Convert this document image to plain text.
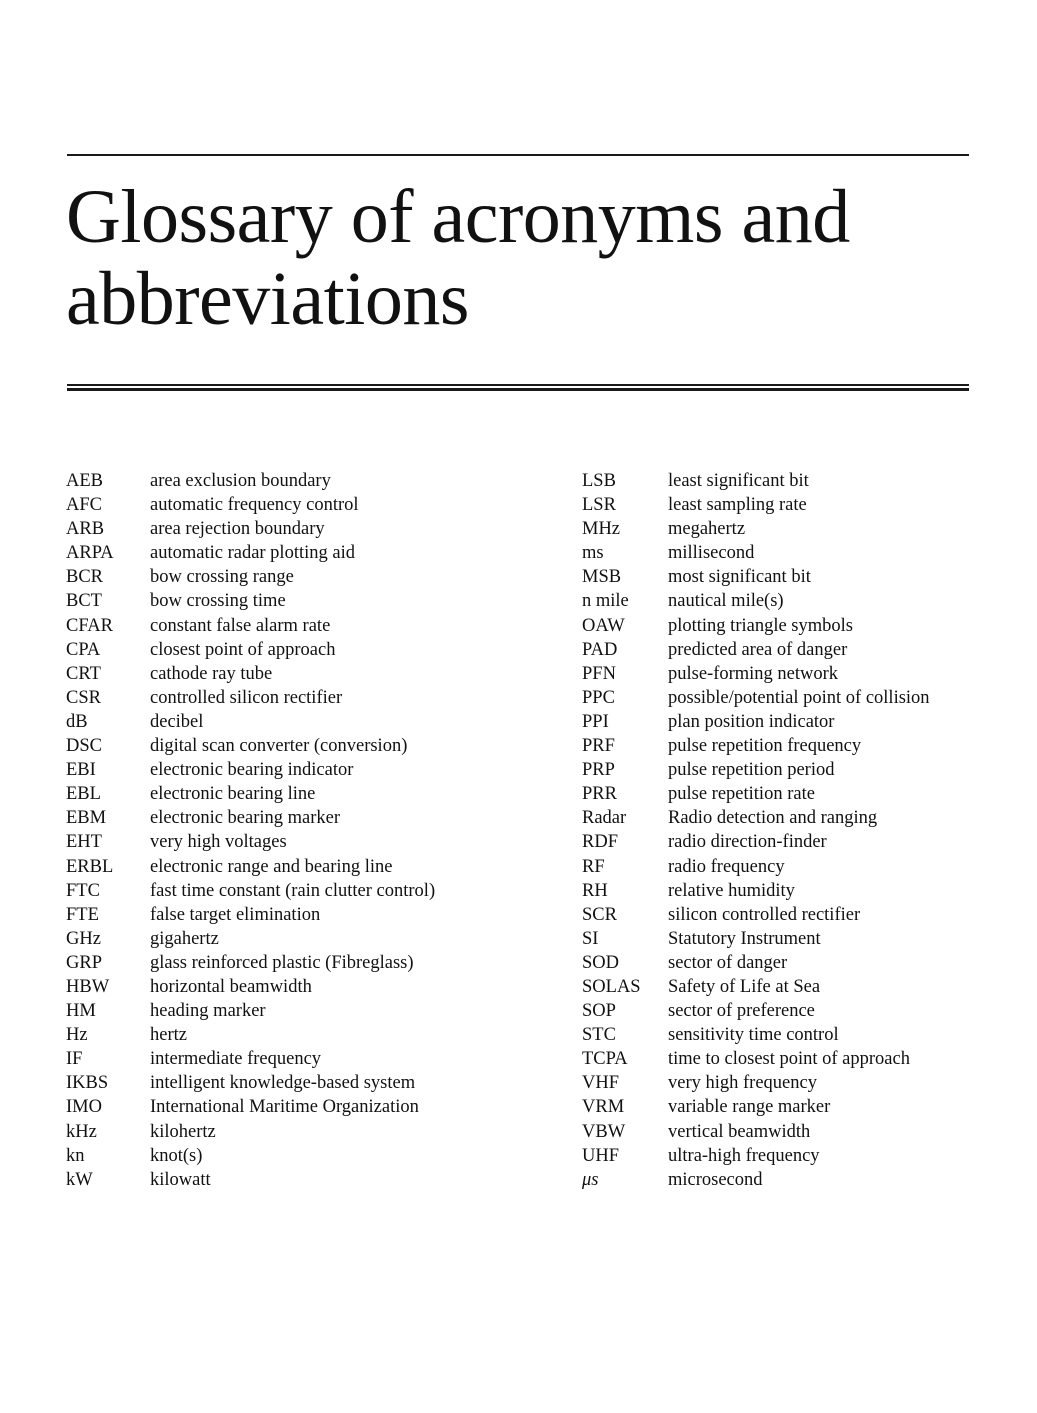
Glossary of acronyms and
abbreviations
AEB	area exclusion boundary
AFC	automatic frequency control
ARB	area rejection boundary
ARPA	automatic radar plotting aid
BCR	bow crossing range
BCT	bow crossing time
CFAR	constant false alarm rate
CPA	closest point of approach
CRT	cathode ray tube
CSR	controlled silicon rectifier
dB	decibel
DSC	digital scan converter (conversion)
EBI	electronic bearing indicator
EBL	electronic bearing line
EBM	electronic bearing marker
EHT	very high voltages
ERBL	electronic range and bearing line
FTC	fast time constant (rain clutter control)
FTE	false target elimination
GHz	gigahertz
GRP	glass reinforced plastic (Fibreglass)
HBW	horizontal beamwidth
HM	heading marker
Hz	hertz
IF	intermediate frequency
IKBS	intelligent knowledge-based system
IMO	International Maritime Organization
kHz	kilohertz
kn	knot(s)
kW	kilowatt
LSB	least significant bit
LSR	least sampling rate
MHz	megahertz
ms	millisecond
MSB	most significant bit
n mile	nautical mile(s)
OAW	plotting triangle symbols
PAD	predicted area of danger
PFN	pulse-forming network
PPC	possible/potential point of collision
PPI	plan position indicator
PRF	pulse repetition frequency
PRP	pulse repetition period
PRR	pulse repetition rate
Radar	Radio detection and ranging
RDF	radio direction-finder
RF	radio frequency
RH	relative humidity
SCR	silicon controlled rectifier
SI	Statutory Instrument
SOD	sector of danger
SOLAS	Safety of Life at Sea
SOP	sector of preference
STC	sensitivity time control
TCPA	time to closest point of approach
VHF	very high frequency
VRM	variable range marker
VBW	vertical beamwidth
UHF	ultra-high frequency
μs	microsecond
